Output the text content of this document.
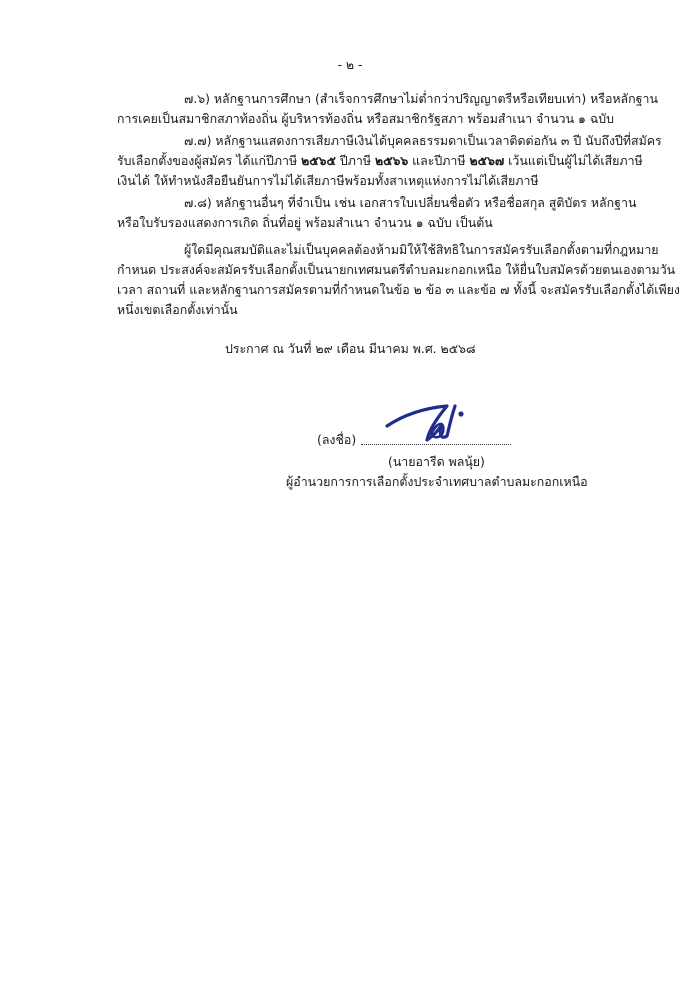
- ๒ -
๗.๖) หลักฐานการศึกษา (สำเร็จการศึกษาไม่ต่ำกว่าปริญญาตรีหรือเทียบเท่า) หรือหลักฐาน
การเคยเป็นสมาชิกสภาท้องถิ่น ผู้บริหารท้องถิ่น หรือสมาชิกรัฐสภา พร้อมสำเนา จำนวน ๑ ฉบับ
๗.๗) หลักฐานแสดงการเสียภาษีเงินได้บุคคลธรรมดาเป็นเวลาติดต่อกัน ๓ ปี นับถึงปีที่สมัคร
รับเลือกตั้งของผู้สมัคร ได้แก่ปีภาษี ๒๕๖๕ ปีภาษี ๒๕๖๖ และปีภาษี ๒๕๖๗ เว้นแต่เป็นผู้ไม่ได้เสียภาษี
เงินได้ ให้ทำหนังสือยืนยันการไม่ได้เสียภาษีพร้อมทั้งสาเหตุแห่งการไม่ได้เสียภาษี
๗.๘) หลักฐานอื่นๆ ที่จำเป็น เช่น เอกสารใบเปลี่ยนชื่อตัว หรือชื่อสกุล สูติบัตร หลักฐาน
หรือใบรับรองแสดงการเกิด ถิ่นที่อยู่ พร้อมสำเนา จำนวน ๑ ฉบับ เป็นต้น
ผู้ใดมีคุณสมบัติและไม่เป็นบุคคลต้องห้ามมิให้ใช้สิทธิในการสมัครรับเลือกตั้งตามที่กฎหมาย
กำหนด ประสงค์จะสมัครรับเลือกตั้งเป็นนายกเทศมนตรีตำบลมะกอกเหนือ ให้ยื่นใบสมัครด้วยตนเองตามวัน
เวลา สถานที่ และหลักฐานการสมัครตามที่กำหนดในข้อ ๒ ข้อ ๓ และข้อ ๗ ทั้งนี้ จะสมัครรับเลือกตั้งได้เพียง
หนึ่งเขตเลือกตั้งเท่านั้น
ประกาศ ณ วันที่ ๒๙ เดือน มีนาคม พ.ศ. ๒๕๖๘
(ลงชื่อ)
(นายอารีด พลนุ้ย)
ผู้อำนวยการการเลือกตั้งประจำเทศบาลตำบลมะกอกเหนือ
